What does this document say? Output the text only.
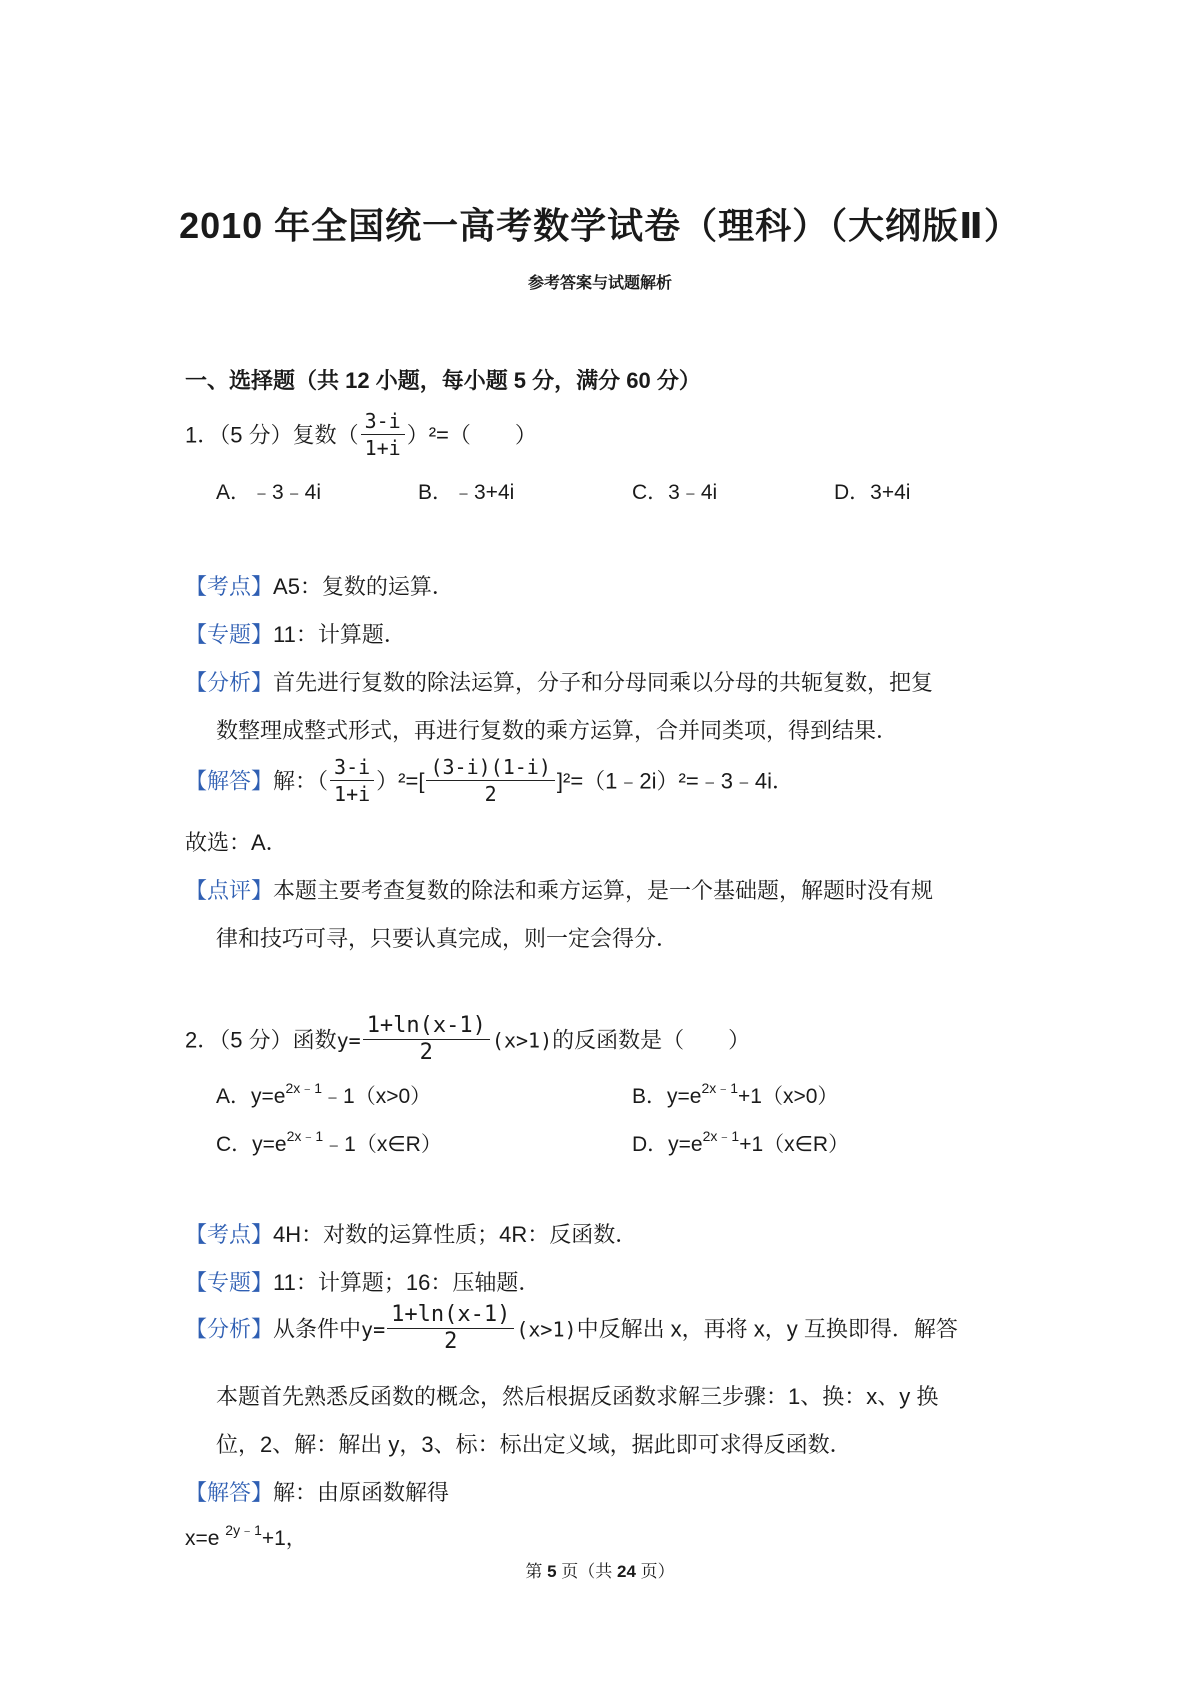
2010 年全国统一高考数学试卷（理科）（大纲版Ⅱ）
参考答案与试题解析
一、选择题（共 12 小题，每小题 5 分，满分 60 分）
1．（5 分）复数（ $\frac{3-i}{1+i} )^2=$（　　）
A．﹣3﹣4i	B．﹣3+4i	C．3﹣4i	D．3+4i
【考点】A5：复数的运算．
【专题】11：计算题．
【分析】首先进行复数的除法运算，分子和分母同乘以分母的共轭复数，把复
数整理成整式形式，再进行复数的乘方运算，合并同类项，得到结果．
【解答】解：（ $\frac{3-i}{1+i} )^2=[ \frac{(3-i)(1-i)}{2}$ ]²=（1﹣2i）²=﹣3﹣4i．
故选：A．
【点评】本题主要考查复数的除法和乘方运算，是一个基础题，解题时没有规
律和技巧可寻，只要认真完成，则一定会得分．
2．（5 分）函数$y= \frac{1+\ln(x-1)}{2} (x>1)$的反函数是（　　）
A．$y=e^{2x﹣1}﹣1(x>0)$	B．$y=e^{2x﹣1}+1(x>0)$
C．$y=e^{2x﹣1}﹣1(x\in R)$	D．$y=e^{2x﹣1}+1(x\in R)$
【考点】4H：对数的运算性质；4R：反函数．
【专题】11：计算题；16：压轴题．
【分析】从条件中$y= \frac{1+\ln(x-1)}{2} (x>1)$中反解出 x，再将 x，y 互换即得．解答
本题首先熟悉反函数的概念，然后根据反函数求解三步骤：1、换：x、y 换
位，2、解：解出 y，3、标：标出定义域，据此即可求得反函数．
【解答】解：由原函数解得
x=e $^{2y﹣1}$+1，
第 5 页（共 24 页）
